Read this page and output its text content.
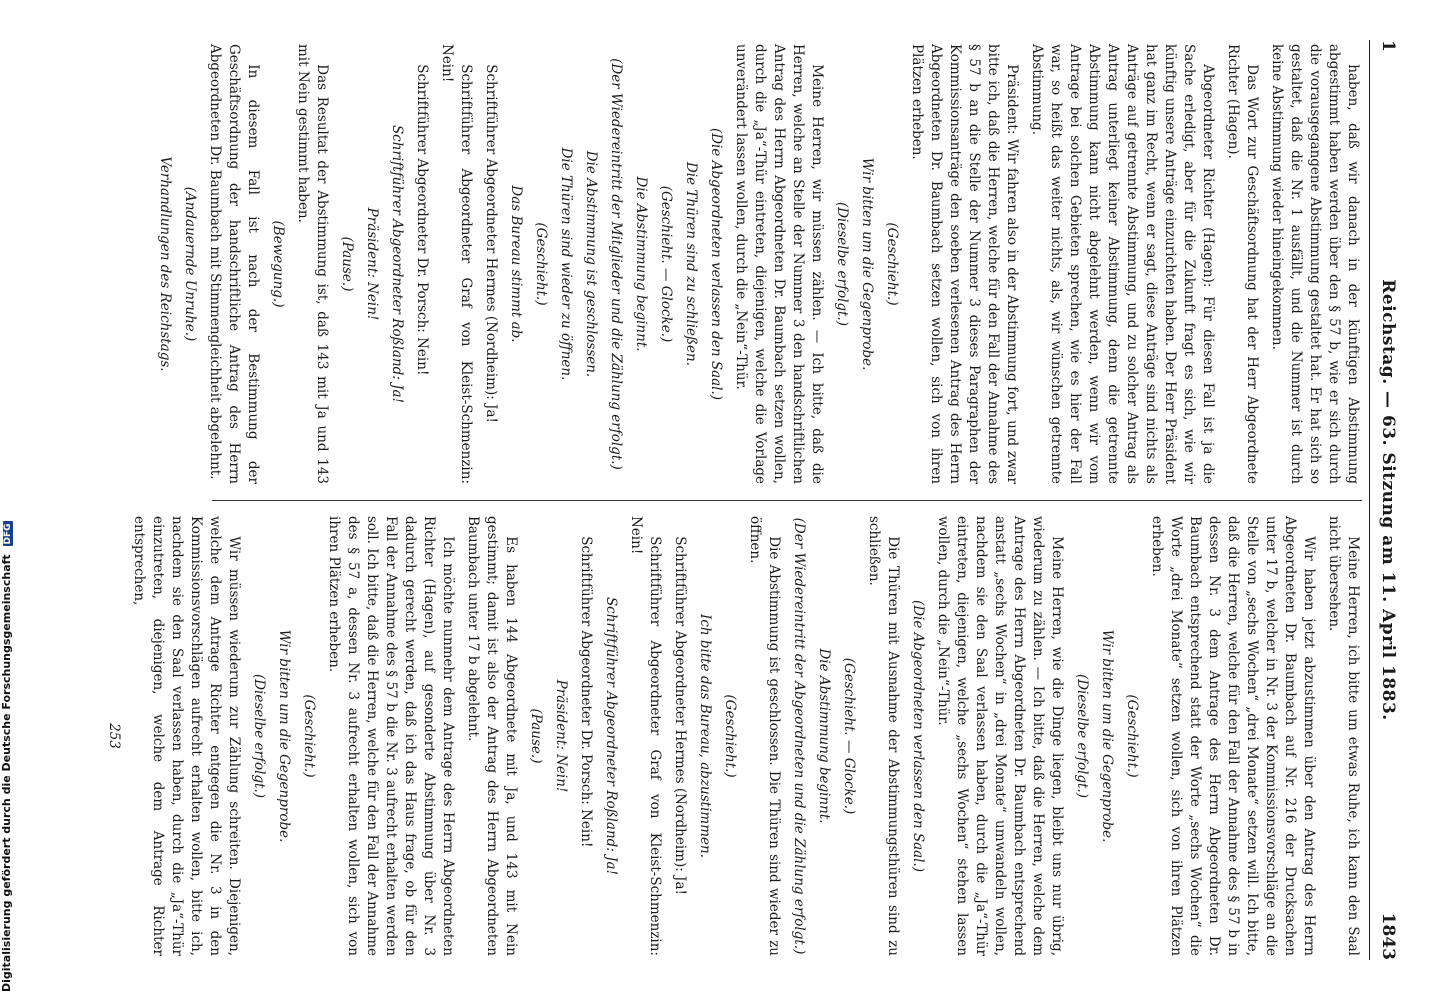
1
Reichstag. — 63. Sitzung am 11. April 1883.
1843

haben, daß wir danach in der künftigen Abstimmung abgestimmt haben werden über den § 57 b, wie er sich durch die vorausgegangene Abstimmung gestaltet hat. Er hat sich so gestaltet, daß die Nr. 1 ausfällt, und die Nummer ist durch keine Abstimmung wieder hineingekommen.

Das Wort zur Geschäftsordnung hat der Herr Abgeordnete Richter (Hagen).

Abgeordneter Richter (Hagen): Für diesen Fall ist ja die Sache erledigt, aber für die Zukunft fragt es sich, wie wir künftig unsere Anträge einzurichten haben. Der Herr Präsident hat ganz im Recht, wenn er sagt, diese Anträge sind nichts als Anträge auf getrennte Abstimmung, und zu solcher Antrag als Antrag unterliegt keiner Abstimmung, denn die getrennte Abstimmung kann nicht abgelehnt werden, wenn wir vom Antrage bei solchen Gebieten sprechen, wie es hier der Fall war, so heißt das weiter nichts, als, wir wünschen getrennte Abstimmung.

Präsident: Wir fahren also in der Abstimmung fort, und zwar bitte ich, daß die Herren, welche für den Fall der Annahme des § 57 b an die Stelle der Nummer 3 dieses Paragraphen der Kommissionsanträge den soeben verlesenen Antrag des Herrn Abgeordneten Dr. Baumbach setzen wollen, sich von ihren Plätzen erheben.

(Geschieht.)

Wir bitten um die Gegenprobe.

(Dieselbe erfolgt.)

Meine Herren, wir müssen zählen. — Ich bitte, daß die Herren, welche an Stelle der Nummer 3 den handschriftlichen Antrag des Herrn Abgeordneten Dr. Baumbach setzen wollen, durch die „Ja“-Thür eintreten, diejenigen, welche die Vorlage unverändert lassen wollen, durch die „Nein“-Thür.

(Die Abgeordneten verlassen den Saal.)

Die Thüren sind zu schließen.

(Geschieht. — Glocke.)

Die Abstimmung beginnt.

(Der Wiedereintritt der Mitglieder und die Zählung erfolgt.)

Die Abstimmung ist geschlossen.

Die Thüren sind wieder zu öffnen.

(Geschieht.)

Das Bureau stimmt ab.

Schriftführer Abgeordneter Hermes (Nordheim): Ja!

Schriftführer Abgeordneter Graf von Kleist-Schmenzin: Nein!

Schriftführer Abgeordneter Dr. Porsch: Nein!

Schriftführer Abgeordneter Roßland: Ja!

Präsident: Nein!

(Pause.)

Das Resultat der Abstimmung ist, daß 143 mit Ja und 143 mit Nein gestimmt haben.

(Bewegung.)

In diesem Fall ist nach der Bestimmung der Geschäftsordnung der handschriftliche Antrag des Herrn Abgeordneten Dr. Baumbach mit Stimmengleichheit abgelehnt.

(Andauernde Unruhe.)

Verhandlungen des Reichstags.

Meine Herren, ich bitte um etwas Ruhe, ich kann den Saal nicht übersehen.

Wir haben jetzt abzustimmen über den Antrag des Herrn Abgeordneten Dr. Baumbach auf Nr. 216 der Drucksachen unter 17 b, welcher in Nr. 3 der Kommissionsvorschläge an die Stelle von „sechs Wochen“ „drei Monate“ setzen will. Ich bitte, daß die Herren, welche für den Fall der Annahme des § 57 b in dessen Nr. 3 dem Antrage des Herrn Abgeordneten Dr. Baumbach entsprechend statt der Worte „sechs Wochen“ die Worte „drei Monate“ setzen wollen, sich von ihren Plätzen erheben.

(Geschieht.)

Wir bitten um die Gegenprobe.

(Dieselbe erfolgt.)

Meine Herren, wie die Dinge liegen, bleibt uns nur übrig, wiederum zu zählen. — Ich bitte, daß die Herren, welche dem Antrage des Herrn Abgeordneten Dr. Baumbach entsprechend anstatt „sechs Wochen“ in „drei Monate“ umwandeln wollen, nachdem sie den Saal verlassen haben, durch die „Ja“-Thür eintreten, diejenigen, welche „sechs Wochen“ stehen lassen wollen, durch die „Nein“-Thür.

(Die Abgeordneten verlassen den Saal.)

Die Thüren mit Ausnahme der Abstimmungsthüren sind zu schließen.

(Geschieht. — Glocke.)

Die Abstimmung beginnt.

(Der Wiedereintritt der Abgeordneten und die Zählung erfolgt.)

Die Abstimmung ist geschlossen. Die Thüren sind wieder zu öffnen.

(Geschieht.)

Ich bitte das Bureau, abzustimmen.

Schriftführer Abgeordneter Hermes (Nordheim): Ja!

Schriftführer Abgeordneter Graf von Kleist-Schmenzin: Nein!

Schriftführer Abgeordneter Roßland: Ja!

Schriftführer Abgeordneter Dr. Porsch: Nein!

Präsident: Nein!

(Pause.)

Es haben 144 Abgeordnete mit Ja, und 143 mit Nein gestimmt; damit ist also der Antrag des Herrn Abgeordneten Baumbach unter 17 b abgelehnt.

Ich möchte nunmehr dem Antrage des Herrn Abgeordneten Richter (Hagen), auf gesonderte Abstimmung über Nr. 3 dadurch gerecht werden, daß ich das Haus frage, ob für den Fall der Annahme des § 57 b die Nr. 3 aufrecht erhalten werden soll. Ich bitte, daß die Herren, welche für den Fall der Annahme des § 57 a, dessen Nr. 3 aufrecht erhalten wollen, sich von ihren Plätzen erheben.

(Geschieht.)

Wir bitten um die Gegenprobe.

(Dieselbe erfolgt.)

Wir müssen wiederum zur Zählung schreiten. Diejenigen, welche dem Antrage Richter entgegen die Nr. 3 in den Kommissionsvorschlägen aufrecht erhalten wollen, bitte ich, nachdem sie den Saal verlassen haben, durch die „Ja“-Thür einzutreten, diejenigen, welche dem Antrage Richter entsprechen,

253

Digitalisierung gefördert durch die Deutsche Forschungsgemeinschaft DFG
